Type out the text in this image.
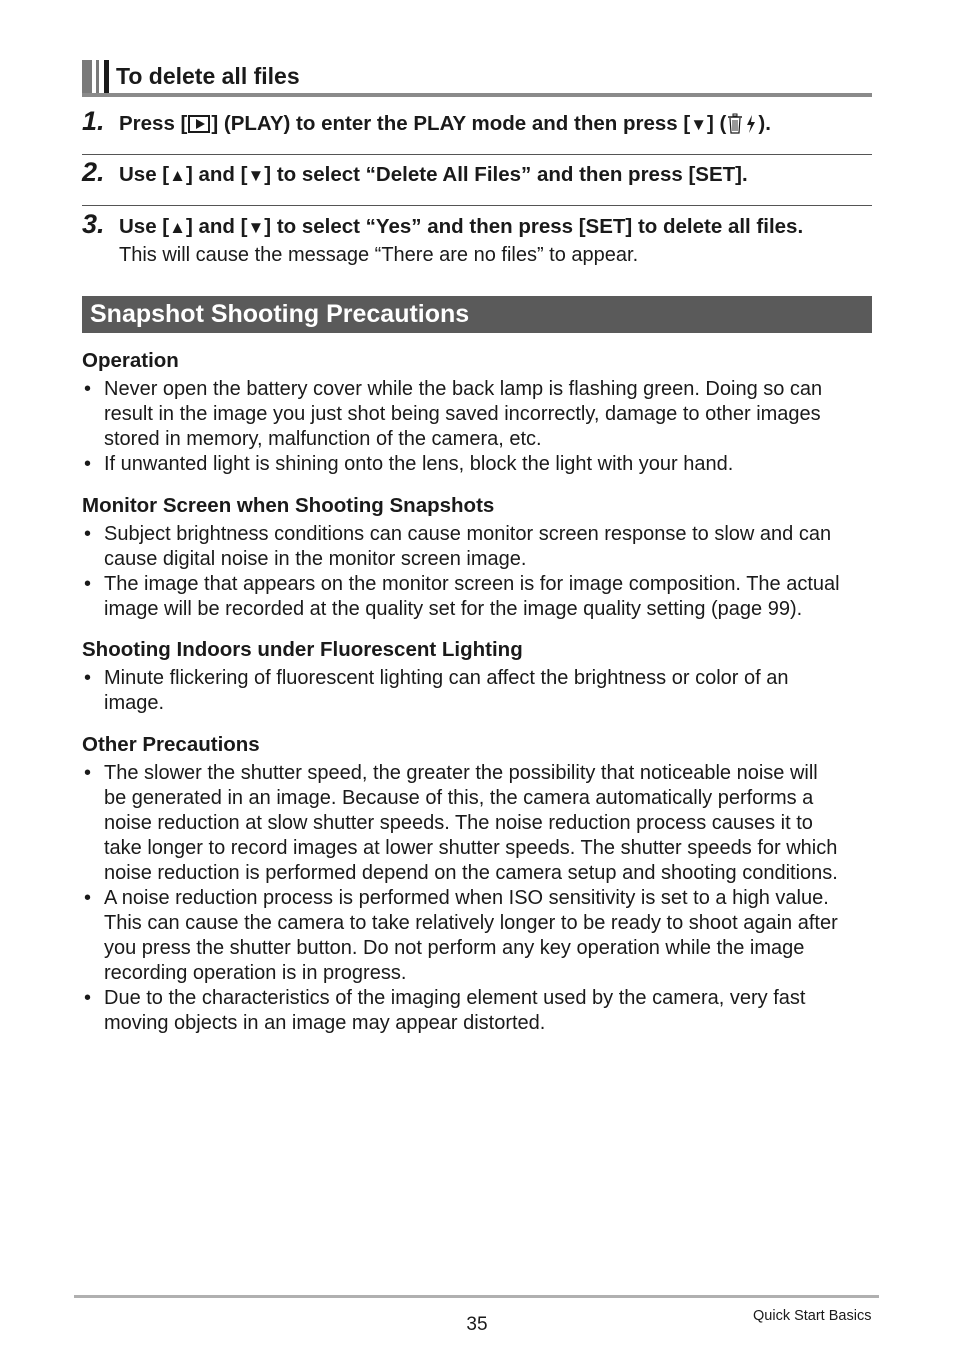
To delete all files
1. Press [ ] (PLAY) to enter the PLAY mode and then press [▼] ( ).
2. Use [▲] and [▼] to select “Delete All Files” and then press [SET].
3. Use [▲] and [▼] to select “Yes” and then press [SET] to delete all files.
This will cause the message “There are no files” to appear.
Snapshot Shooting Precautions
Operation
• Never open the battery cover while the back lamp is flashing green. Doing so can
result in the image you just shot being saved incorrectly, damage to other images
stored in memory, malfunction of the camera, etc.
• If unwanted light is shining onto the lens, block the light with your hand.
Monitor Screen when Shooting Snapshots
• Subject brightness conditions can cause monitor screen response to slow and can
cause digital noise in the monitor screen image.
• The image that appears on the monitor screen is for image composition. The actual
image will be recorded at the quality set for the image quality setting (page 99).
Shooting Indoors under Fluorescent Lighting
• Minute flickering of fluorescent lighting can affect the brightness or color of an
image.
Other Precautions
• The slower the shutter speed, the greater the possibility that noticeable noise will
be generated in an image. Because of this, the camera automatically performs a
noise reduction at slow shutter speeds. The noise reduction process causes it to
take longer to record images at lower shutter speeds. The shutter speeds for which
noise reduction is performed depend on the camera setup and shooting conditions.
• A noise reduction process is performed when ISO sensitivity is set to a high value.
This can cause the camera to take relatively longer to be ready to shoot again after
you press the shutter button. Do not perform any key operation while the image
recording operation is in progress.
• Due to the characteristics of the imaging element used by the camera, very fast
moving objects in an image may appear distorted.
35	Quick Start Basics
